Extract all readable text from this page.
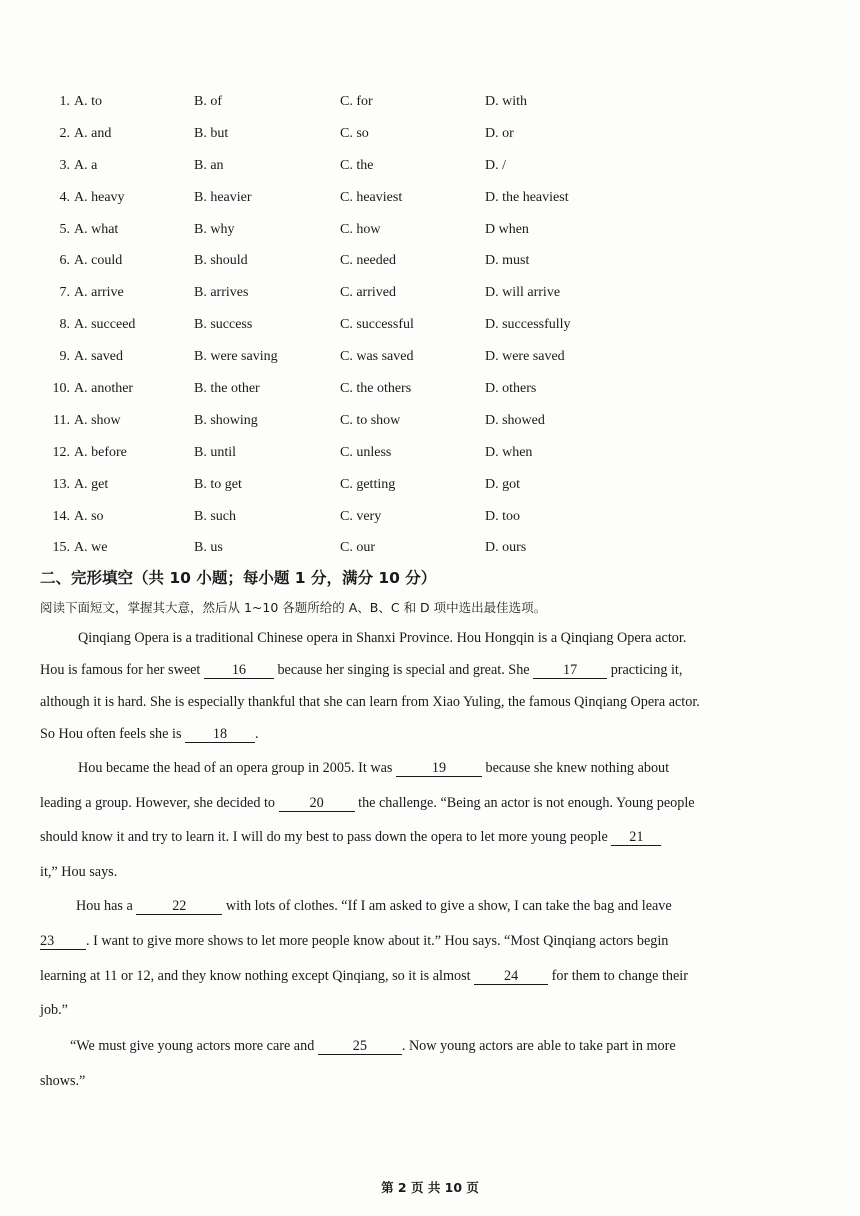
1. A. to	B. of	C. for	D. with
2. A. and	B. but	C. so	D. or
3. A. a	B. an	C. the	D. /
4. A. heavy	B. heavier	C. heaviest	D. the heaviest
5. A. what	B. why	C. how	D when
6. A. could	B. should	C. needed	D. must
7. A. arrive	B. arrives	C. arrived	D. will arrive
8. A. succeed	B. success	C. successful	D. successfully
9. A. saved	B. were saving	C. was saved	D. were saved
10. A. another	B. the other	C. the others	D. others
11. A. show	B. showing	C. to show	D. showed
12. A. before	B. until	C. unless	D. when
13. A. get	B. to get	C. getting	D. got
14. A. so	B. such	C. very	D. too
15. A. we	B. us	C. our	D. ours
二、完形填空（共 10 小题；每小题 1 分，满分 10 分）
阅读下面短文，掌握其大意，然后从 1~10 各题所给的 A、B、C 和 D 项中选出最佳选项。
Qinqiang Opera is a traditional Chinese opera in Shanxi Province. Hou Hongqin is a Qinqiang Opera actor.
Hou is famous for her sweet 16 because her singing is special and great. She 17 practicing it,
although it is hard. She is especially thankful that she can learn from Xiao Yuling, the famous Qinqiang Opera actor.
So Hou often feels she is 18 .
Hou became the head of an opera group in 2005. It was	19	because she knew nothing about
leading a group. However, she decided to 20 the challenge. “Being an actor is not enough. Young people
should know it and try to learn it. I will do my best to pass down the opera to let more young people 21
it,” Hou says.
Hou has a	22	with lots of clothes. “If I am asked to give a show, I can take the bag and leave
23 . I want to give more shows to let more people know about it.” Hou says. “Most Qinqiang actors begin
learning at 11 or 12, and they know nothing except Qinqiang, so it is almost 24 for them to change their
job.”
“We must give young actors more care and	25 . Now young actors are able to take part in more
shows.”
第 2 页 共 10 页
